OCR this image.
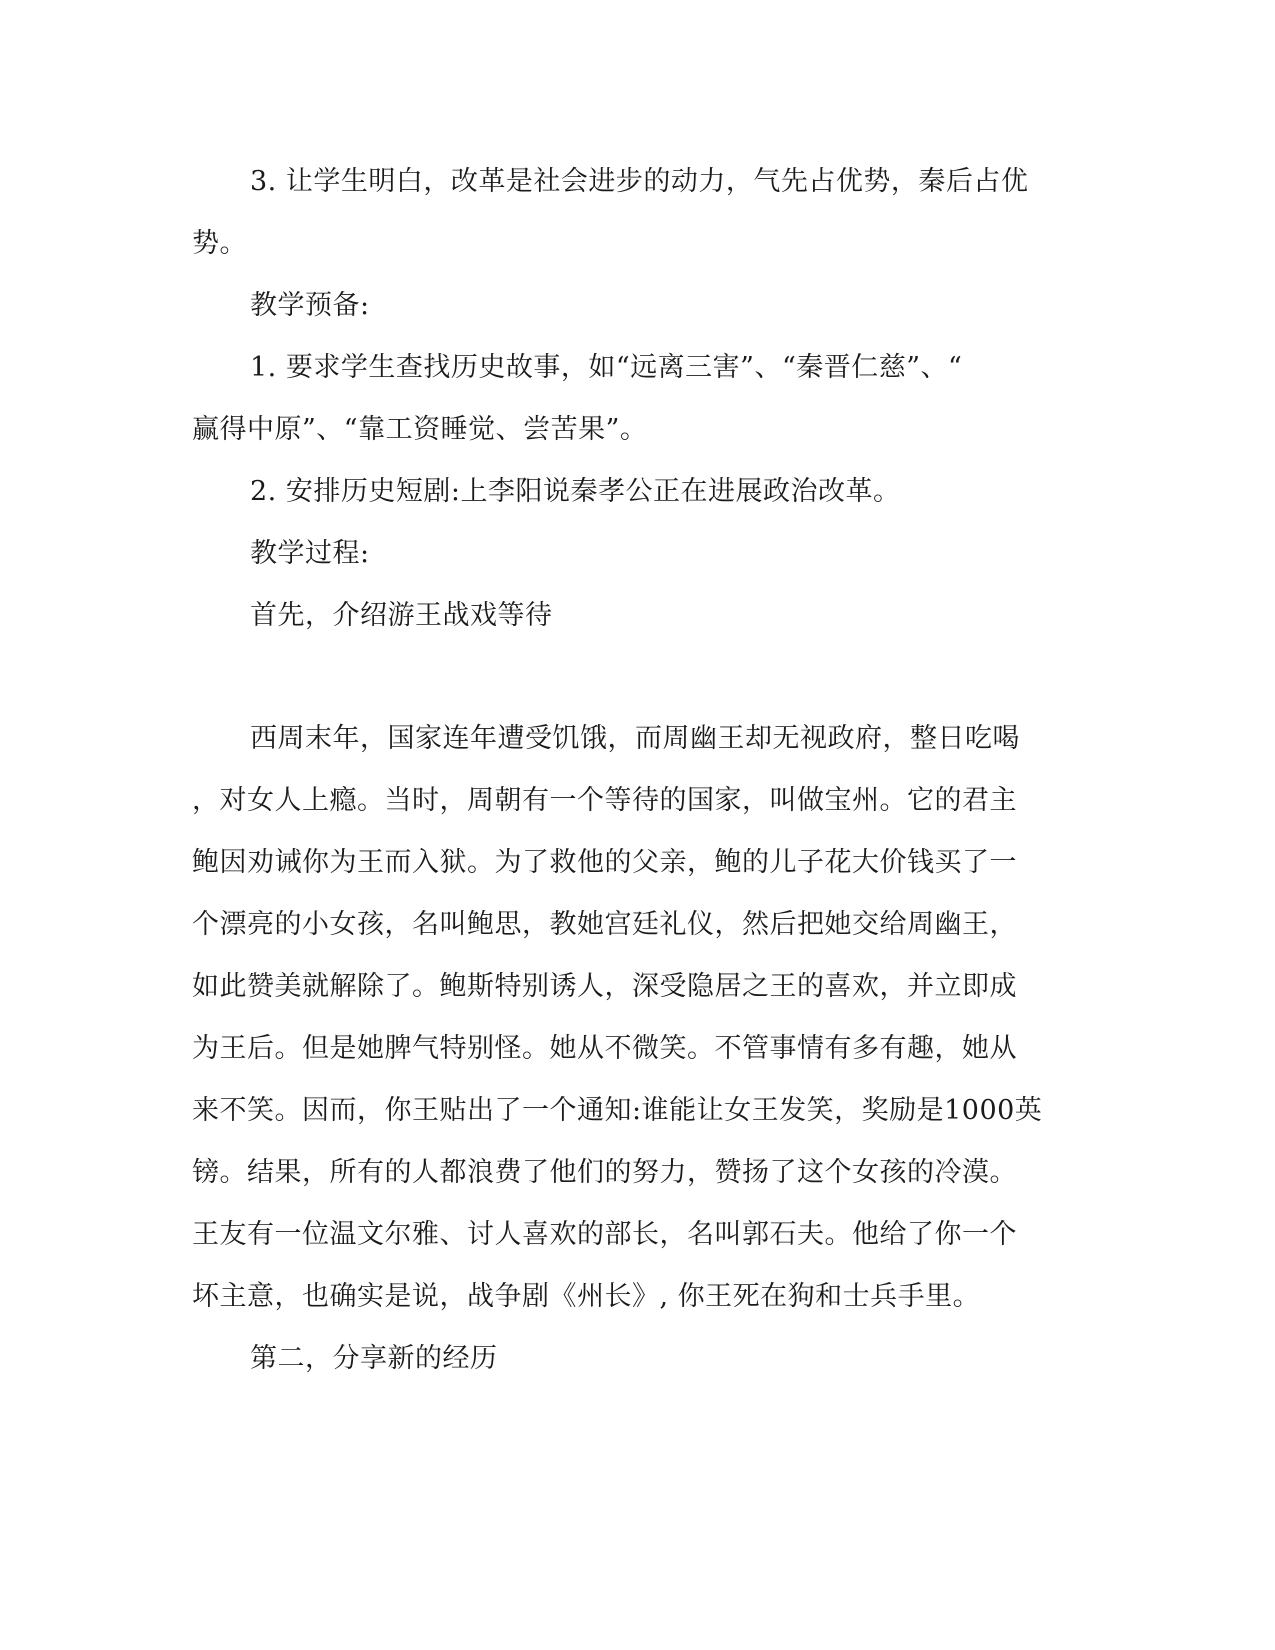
3. 让学生明白，改革是社会进步的动力，气先占优势，秦后占优
势。
教学预备:
1. 要求学生查找历史故事，如“远离三害”、“秦晋仁慈”、“
赢得中原”、“靠工资睡觉、尝苦果”。
2. 安排历史短剧:上李阳说秦孝公正在进展政治改革。
教学过程:
首先，介绍游王战戏等待
西周末年，国家连年遭受饥饿，而周幽王却无视政府，整日吃喝
，对女人上瘾。当时，周朝有一个等待的国家，叫做宝州。它的君主
鲍因劝诫你为王而入狱。为了救他的父亲，鲍的儿子花大价钱买了一
个漂亮的小女孩，名叫鲍思，教她宫廷礼仪，然后把她交给周幽王，
如此赞美就解除了。鲍斯特别诱人，深受隐居之王的喜欢，并立即成
为王后。但是她脾气特别怪。她从不微笑。不管事情有多有趣，她从
来不笑。因而，你王贴出了一个通知:谁能让女王发笑，奖励是1000英
镑。结果，所有的人都浪费了他们的努力，赞扬了这个女孩的冷漠。
王友有一位温文尔雅、讨人喜欢的部长，名叫郭石夫。他给了你一个
坏主意，也确实是说，战争剧《州长》, 你王死在狗和士兵手里。
第二，分享新的经历
